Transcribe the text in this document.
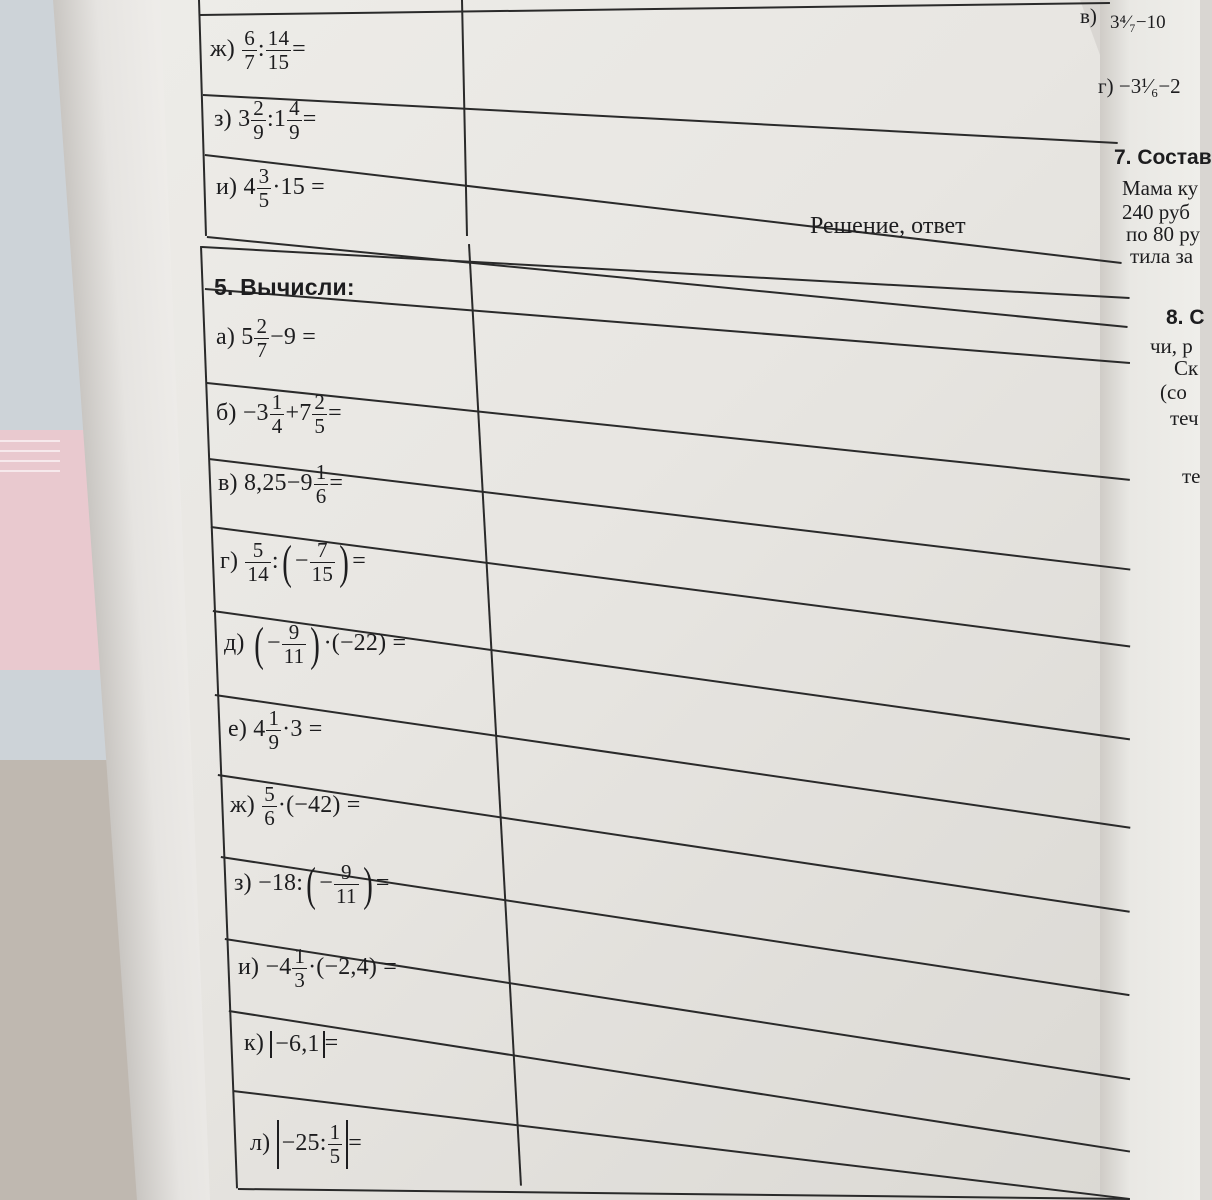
в) 3⁴⁄₇−10
г) −3¹⁄₆−2
7. Состав
Мама ку
240 руб
по 80 ру
тила за
8. С
чи, р
Ск
(со
теч
те
Решение, ответ
$ж) \frac{6}{7}$ : $\frac{14}{15}$ =
з) $3 \frac{2}{9}$ :1 $\frac{4}{9}$ =
и) $4 \frac{3}{5} \cdot 15$ =
5. Вычисли:
а) $5 \frac{2}{7} -9$ =
$б) -3 \frac{1}{4} +7 \frac{2}{5}$ =
в) $8,25-9 \frac{1}{6}$ =
$г) \frac{5}{14}$ :( − $\frac{7}{15}$ ) =
д) ( − $\frac{9}{11}$ ) ·(−22) =
е) $4 \frac{1}{9} \cdot 3$ =
$ж) \frac{5}{6} \cdot(-42)$ =
з) −18:( − $\frac{9}{11}$ ) =
$и) -4 \frac{1}{3} \cdot(-2,4)$ =
к) −6,1 =
л) −25: $\frac{1}{5}$ =
